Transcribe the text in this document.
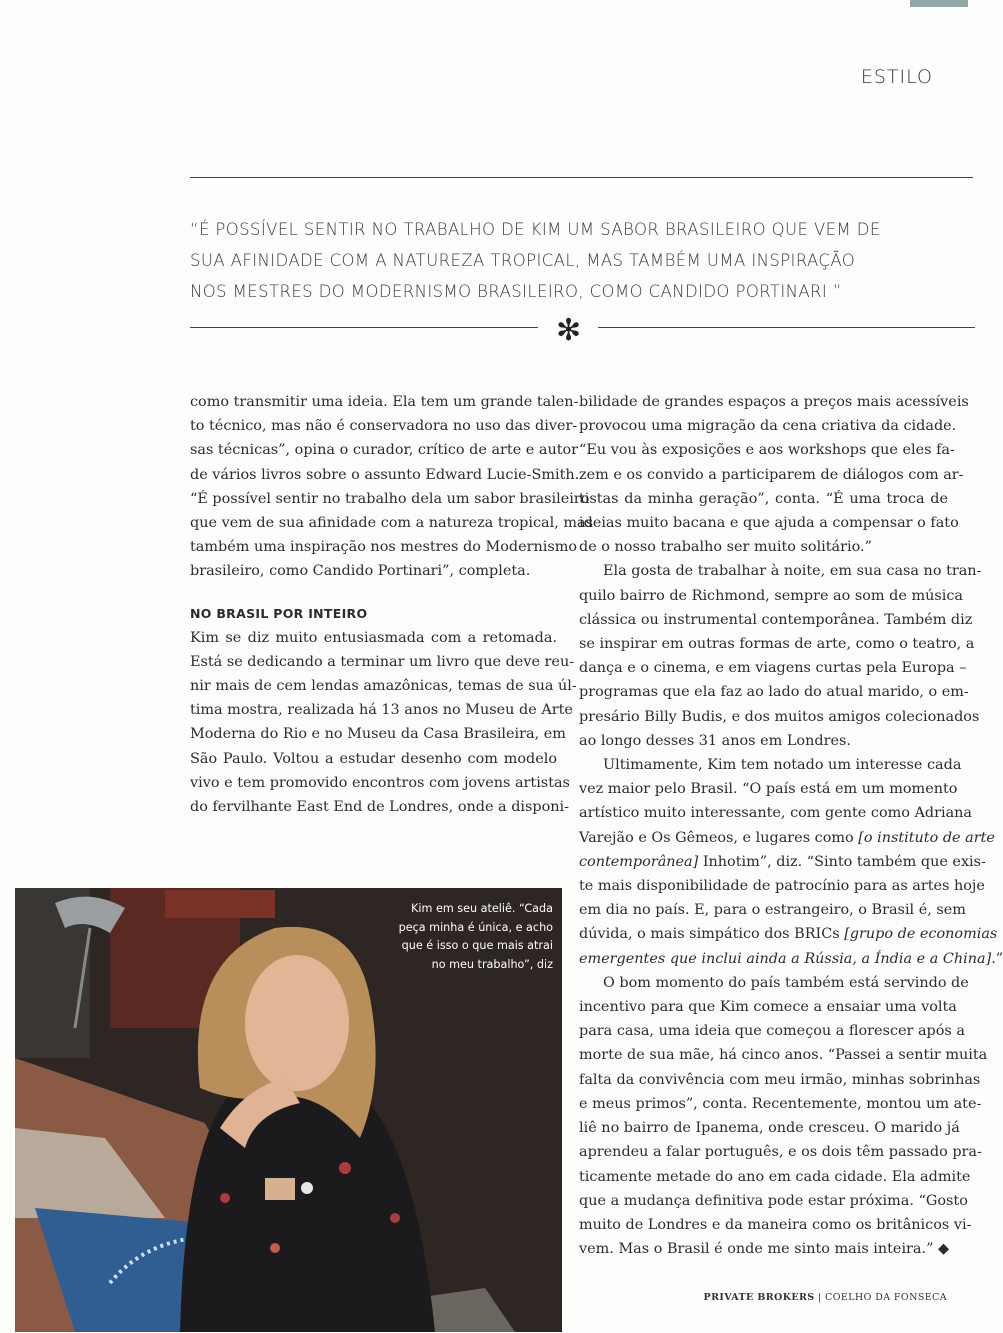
ESTILO

“É POSSÍVEL SENTIR NO TRABALHO DE KIM UM SABOR BRASILEIRO QUE VEM DE

SUA AFINIDADE COM A NATUREZA TROPICAL, MAS TAMBÉM UMA INSPIRAÇÃO

NOS MESTRES DO MODERNISMO BRASILEIRO, COMO CANDIDO PORTINARI ”

✻

como transmitir uma ideia. Ela tem um grande talen-

to técnico, mas não é conservadora no uso das diver-

sas técnicas”, opina o curador, crítico de arte e autor

de vários livros sobre o assunto Edward Lucie-Smith.

“É possível sentir no trabalho dela um sabor brasileiro

que vem de sua afinidade com a natureza tropical, mas

também uma inspiração nos mestres do Modernismo

brasileiro, como Candido Portinari”, completa.

NO BRASIL POR INTEIRO

Kim se diz muito entusiasmada com a retomada.

Está se dedicando a terminar um livro que deve reu-

nir mais de cem lendas amazônicas, temas de sua úl-

tima mostra, realizada há 13 anos no Museu de Arte

Moderna do Rio e no Museu da Casa Brasileira, em

São Paulo. Voltou a estudar desenho com modelo

vivo e tem promovido encontros com jovens artistas

do fervilhante East End de Londres, onde a disponi-

bilidade de grandes espaços a preços mais acessíveis

provocou uma migração da cena criativa da cidade.

“Eu vou às exposições e aos workshops que eles fa-

zem e os convido a participarem de diálogos com ar-

tistas da minha geração”, conta. “É uma troca de

ideias muito bacana e que ajuda a compensar o fato

de o nosso trabalho ser muito solitário.”

Ela gosta de trabalhar à noite, em sua casa no tran-

quilo bairro de Richmond, sempre ao som de música

clássica ou instrumental contemporânea. Também diz

se inspirar em outras formas de arte, como o teatro, a

dança e o cinema, e em viagens curtas pela Europa –

programas que ela faz ao lado do atual marido, o em-

presário Billy Budis, e dos muitos amigos colecionados

ao longo desses 31 anos em Londres.

Ultimamente, Kim tem notado um interesse cada

vez maior pelo Brasil. “O país está em um momento

artístico muito interessante, com gente como Adriana

Varejão e Os Gêmeos, e lugares como [o instituto de arte

contemporânea] Inhotim”, diz. “Sinto também que exis-

te mais disponibilidade de patrocínio para as artes hoje

em dia no país. E, para o estrangeiro, o Brasil é, sem

dúvida, o mais simpático dos BRICs [grupo de economias

emergentes que inclui ainda a Rússia, a Índia e a China].”

O bom momento do país também está servindo de

incentivo para que Kim comece a ensaiar uma volta

para casa, uma ideia que começou a florescer após a

morte de sua mãe, há cinco anos. “Passei a sentir muita

falta da convivência com meu irmão, minhas sobrinhas

e meus primos”, conta. Recentemente, montou um ate-

liê no bairro de Ipanema, onde cresceu. O marido já

aprendeu a falar português, e os dois têm passado pra-

ticamente metade do ano em cada cidade. Ela admite

que a mudança definitiva pode estar próxima. “Gosto

muito de Londres e da maneira como os britânicos vi-

vem. Mas o Brasil é onde me sinto mais inteira.” ◆

Kim em seu ateliê. “Cada
peça minha é única, e acho
que é isso o que mais atrai
no meu trabalho”, diz
PRIVATE BROKERS | COELHO DA FONSECA
